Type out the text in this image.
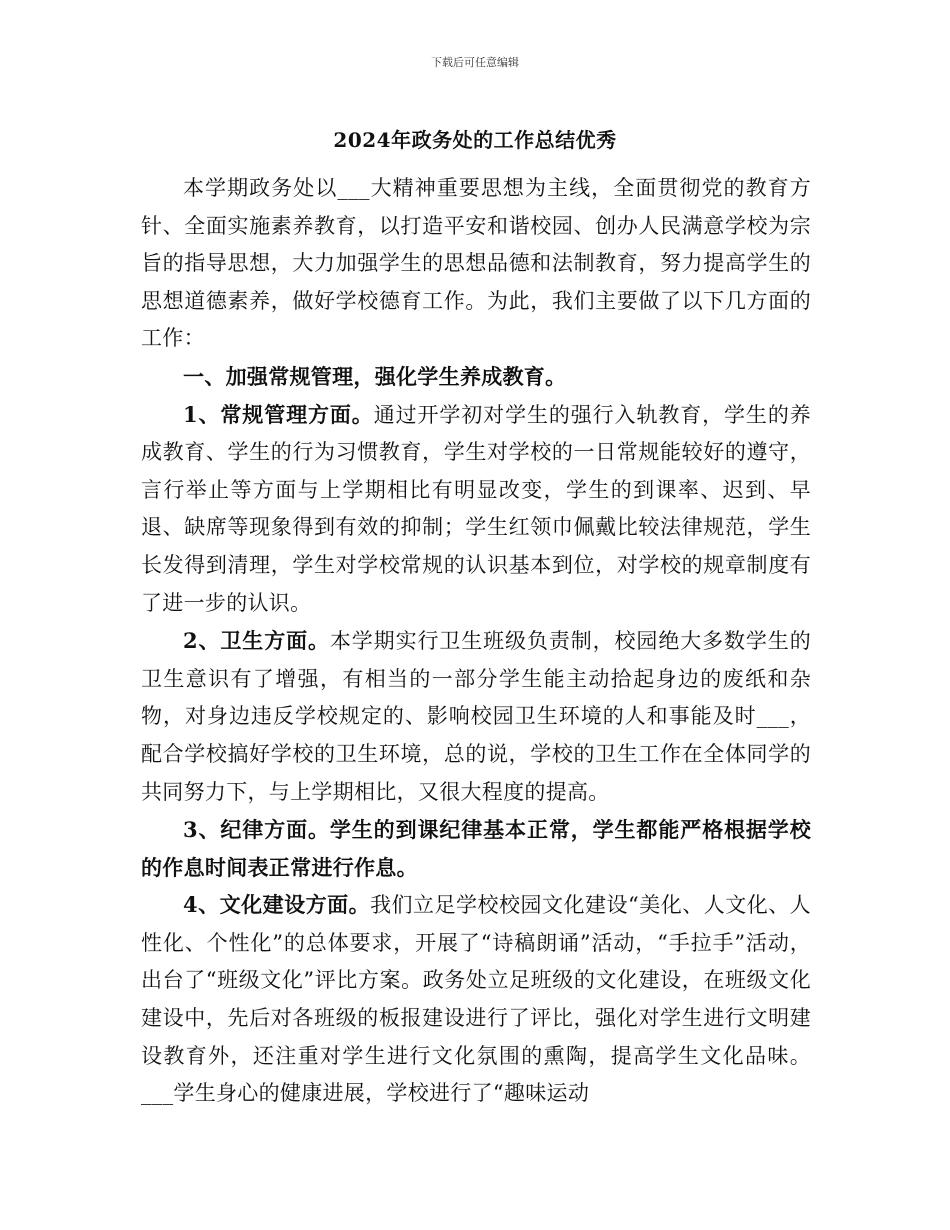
下载后可任意编辑
2024年政务处的工作总结优秀

本学期政务处以___大精神重要思想为主线，全面贯彻党的教育方针、全面实施素养教育，以打造平安和谐校园、创办人民满意学校为宗旨的指导思想，大力加强学生的思想品德和法制教育，努力提高学生的思想道德素养，做好学校德育工作。为此，我们主要做了以下几方面的工作：

一、加强常规管理，强化学生养成教育。

1、常规管理方面。通过开学初对学生的强行入轨教育，学生的养成教育、学生的行为习惯教育，学生对学校的一日常规能较好的遵守，言行举止等方面与上学期相比有明显改变，学生的到课率、迟到、早退、缺席等现象得到有效的抑制；学生红领巾佩戴比较法律规范，学生长发得到清理，学生对学校常规的认识基本到位，对学校的规章制度有了进一步的认识。

2、卫生方面。本学期实行卫生班级负责制，校园绝大多数学生的卫生意识有了增强，有相当的一部分学生能主动拾起身边的废纸和杂物，对身边违反学校规定的、影响校园卫生环境的人和事能及时___，配合学校搞好学校的卫生环境，总的说，学校的卫生工作在全体同学的共同努力下，与上学期相比，又很大程度的提高。

3、纪律方面。学生的到课纪律基本正常，学生都能严格根据学校的作息时间表正常进行作息。

4、文化建设方面。我们立足学校校园文化建设“美化、人文化、人性化、个性化”的总体要求，开展了“诗稿朗诵”活动，“手拉手”活动，出台了“班级文化”评比方案。政务处立足班级的文化建设，在班级文化建设中，先后对各班级的板报建设进行了评比，强化对学生进行文明建设教育外，还注重对学生进行文化氛围的熏陶，提高学生文化品味。___学生身心的健康进展，学校进行了“趣味运动
